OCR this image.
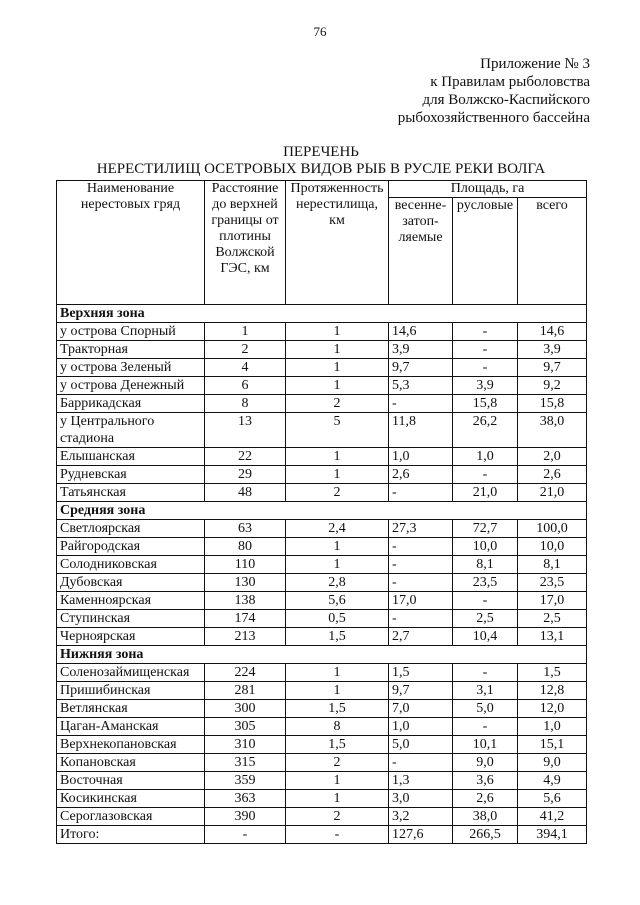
76
Приложение № 3
к Правилам рыболовства
для Волжско-Каспийского
рыбохозяйственного бассейна
ПЕРЕЧЕНЬ
НЕРЕСТИЛИЩ ОСЕТРОВЫХ ВИДОВ РЫБ В РУСЛЕ РЕКИ ВОЛГА
Наименование нерестовых гряд	Расстояние до верхней границы от плотины Волжской ГЭС, км	Протяженность нерестилища, км	Площадь, га		
			весенне-затоп-ляемые	русловые	всего
Верхняя зона					
у острова Спорный	1	1	14,6	-	14,6
Тракторная	2	1	3,9	-	3,9
у острова Зеленый	4	1	9,7	-	9,7
у острова Денежный	6	1	5,3	3,9	9,2
Баррикадская	8	2	-	15,8	15,8
у Центрального стадиона	13	5	11,8	26,2	38,0
Елышанская	22	1	1,0	1,0	2,0
Рудневская	29	1	2,6	-	2,6
Татьянская	48	2	-	21,0	21,0
Средняя зона					
Светлоярская	63	2,4	27,3	72,7	100,0
Райгородская	80	1	-	10,0	10,0
Солодниковская	110	1	-	8,1	8,1
Дубовская	130	2,8	-	23,5	23,5
Каменноярская	138	5,6	17,0	-	17,0
Ступинская	174	0,5	-	2,5	2,5
Черноярская	213	1,5	2,7	10,4	13,1
Нижняя зона					
Соленозаймищенская	224	1	1,5	-	1,5
Пришибинская	281	1	9,7	3,1	12,8
Ветлянская	300	1,5	7,0	5,0	12,0
Цаган-Аманская	305	8	1,0	-	1,0
Верхнекопановская	310	1,5	5,0	10,1	15,1
Копановская	315	2	-	9,0	9,0
Восточная	359	1	1,3	3,6	4,9
Косикинская	363	1	3,0	2,6	5,6
Сероглазовская	390	2	3,2	38,0	41,2
Итого:	-	-	127,6	266,5	394,1
